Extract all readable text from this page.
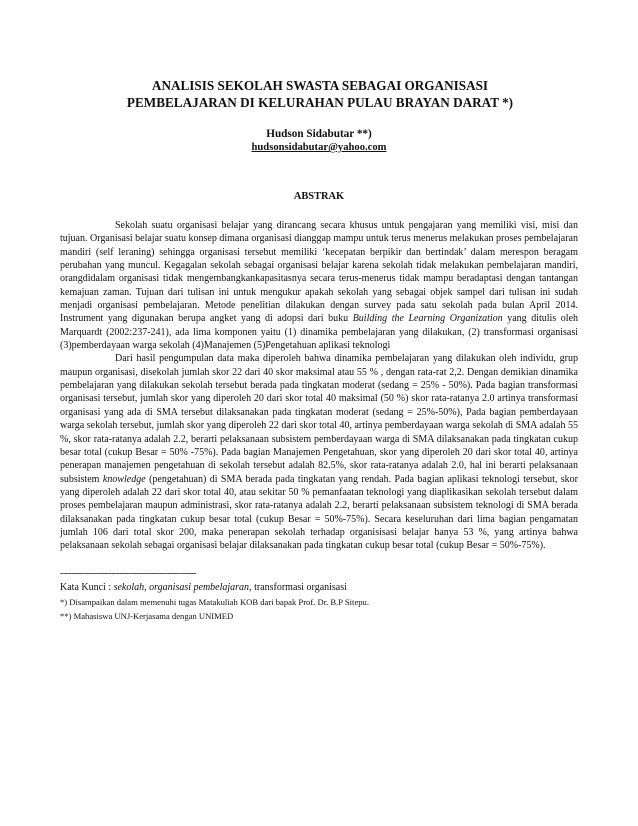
ANALISIS SEKOLAH SWASTA SEBAGAI ORGANISASI
PEMBELAJARAN DI KELURAHAN PULAU BRAYAN DARAT *)
Hudson Sidabutar **)
hudsonsidabutar@yahoo.com
ABSTRAK

Sekolah suatu organisasi belajar yang dirancang secara khusus untuk pengajaran yang memiliki visi, misi dan tujuan. Organisasi belajar suatu konsep dimana organisasi dianggap mampu untuk terus menerus melakukan proses pembelajaran mandiri (self leraning) sehingga organisasi tersebut memiliki ‘kecepatan berpikir dan bertindak’ dalam merespon beragam perubahan yang muncul. Kegagalan sekolah sebagai organisasi belajar karena sekolah tidak melakukan pembelajaran mandiri, orangdidalam organisasi tidak mengembangkankapasitasnya secara terus-menerus tidak mampu beradaptasi dengan tantangan kemajuan zaman. Tujuan dari tulisan ini untuk mengukur apakah sekolah yang sebagai objek sampel dari tulisan ini sudah menjadi organisasi pembelajaran. Metode penelitian dilakukan dengan survey pada satu sekolah pada bulan April 2014. Instrument yang digunakan berupa angket yang di adopsi dari buku Building the Learning Organization yang ditulis oleh Marquardt (2002:237-241), ada lima komponen yaitu (1) dinamika pembelajaran yang dilakukan, (2) transformasi organisasi (3)pemberdayaan warga sekolah (4)Manajemen (5)Pengetahuan aplikasi teknologi

Dari hasil pengumpulan data maka diperoleh bahwa dinamika pembelajaran yang dilakukan oleh individu, grup maupun organisasi, disekolah jumlah skor 22 dari 40 skor maksimal atau 55 % , dengan rata-rat 2,2. Dengan demikian dinamika pembelajaran yang dilakukan sekolah tersebut berada pada tingkatan moderat (sedang = 25% - 50%). Pada bagian transformasi organisasi tersebut, jumlah skor yang diperoleh 20 dari skor total 40 maksimal (50 %) skor rata-ratanya 2.0 artinya transformasi organisasi yang ada di SMA tersebut dilaksanakan pada tingkatan moderat (sedang = 25%-50%), Pada bagian pemberdayaan warga sekolah tersebut, jumlah skor yang diperoleh 22 dari skor total 40, artinya pemberdayaan warga sekolah di SMA adalah 55 %, skor rata-ratanya adalah 2.2, berarti pelaksanaan subsistem pemberdayaan warga di SMA dilaksanakan pada tingkatan cukup besar total (cukup Besar = 50% -75%). Pada bagian Manajemen Pengetahuan, skor yang diperoleh 20 dari skor total 40, artinya penerapan manajemen pengetahuan di sekolah tersebut adalah 82.5%, skor rata-ratanya adalah 2.0, hal ini berarti pelaksanaan subsistem knowledge (pengetahuan) di SMA berada pada tingkatan yang rendah. Pada bagian aplikasi teknologi tersebut, skor yang diperoleh adalah 22 dari skor total 40, atau sekitar 50 % pemanfaatan teknologi yang diaplikasikan sekolah tersebut dalam proses pembelajaran maupun administrasi, skor rata-ratanya adalah 2.2, berarti pelaksanaan subsistem teknologi di SMA berada dilaksanakan pada tingkatan cukup besar total (cukup Besar = 50%-75%). Secara keseluruhan dari lima bagian pengamatan jumlah 106 dari total skor 200, maka penerapan sekolah terhadap organisisasi belajar hanya 53 %, yang artinya bahwa pelaksanaan sekolah sebagai organisasi belajar dilaksanakan pada tingkatan cukup besar total (cukup Besar = 50%-75%).

------------------------------------------------
Kata Kunci : sekolah, organisasi pembelajaran, transformasi organisasi
*) Disampaikan dalam memenuhi tugas Matakuliah KOB dari bapak Prof. Dr. B.P Sitepu.
**) Mahasiswa UNJ-Kerjasama dengan UNIMED
